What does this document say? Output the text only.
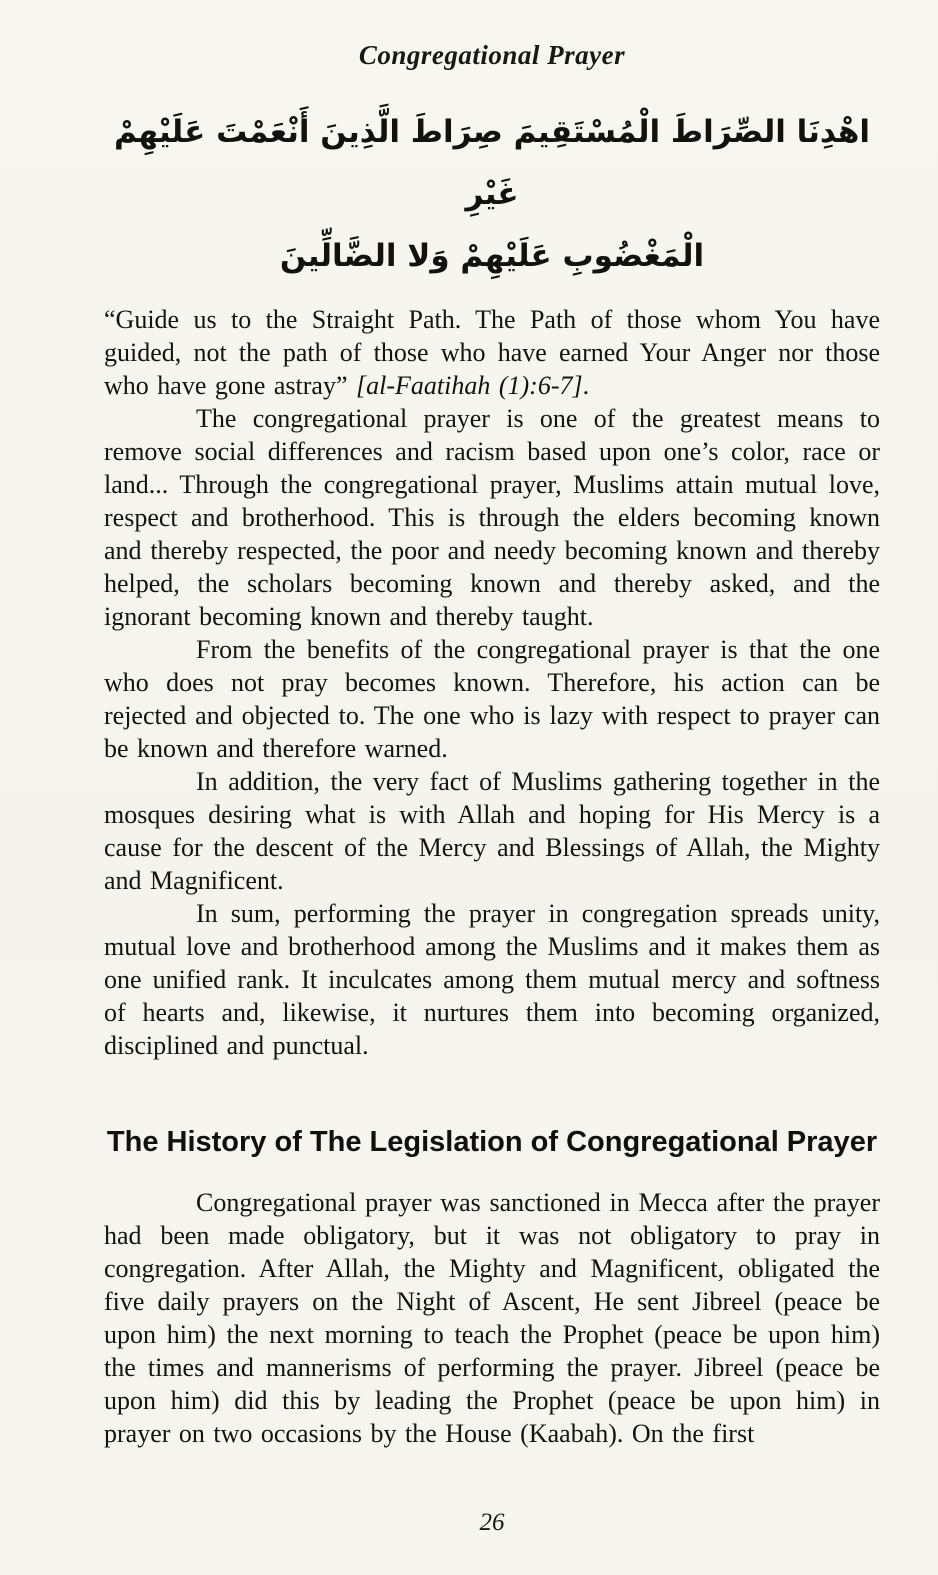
Congregational Prayer
اهْدِنَا الصِّرَاطَ الْمُسْتَقِيمَ صِرَاطَ الَّذِينَ أَنْعَمْتَ عَلَيْهِمْ غَيْرِ
الْمَغْضُوبِ عَلَيْهِمْ وَلا الضَّالِّينَ

“Guide us to the Straight Path. The Path of those whom You have guided, not the path of those who have earned Your Anger nor those who have gone astray” [al-Faatihah (1):6-7].

The congregational prayer is one of the greatest means to remove social differences and racism based upon one’s color, race or land... Through the congregational prayer, Muslims attain mutual love, respect and brotherhood. This is through the elders becoming known and thereby respected, the poor and needy becoming known and thereby helped, the scholars becoming known and thereby asked, and the ignorant becoming known and thereby taught.

From the benefits of the congregational prayer is that the one who does not pray becomes known. Therefore, his action can be rejected and objected to. The one who is lazy with respect to prayer can be known and therefore warned.

In addition, the very fact of Muslims gathering together in the mosques desiring what is with Allah and hoping for His Mercy is a cause for the descent of the Mercy and Blessings of Allah, the Mighty and Magnificent.

In sum, performing the prayer in congregation spreads unity, mutual love and brotherhood among the Muslims and it makes them as one unified rank. It inculcates among them mutual mercy and softness of hearts and, likewise, it nurtures them into becoming organized, disciplined and punctual.

The History of The Legislation of Congregational Prayer

Congregational prayer was sanctioned in Mecca after the prayer had been made obligatory, but it was not obligatory to pray in congregation. After Allah, the Mighty and Magnificent, obligated the five daily prayers on the Night of Ascent, He sent Jibreel (peace be upon him) the next morning to teach the Prophet (peace be upon him) the times and mannerisms of performing the prayer. Jibreel (peace be upon him) did this by leading the Prophet (peace be upon him) in prayer on two occasions by the House (Kaabah). On the first

26
